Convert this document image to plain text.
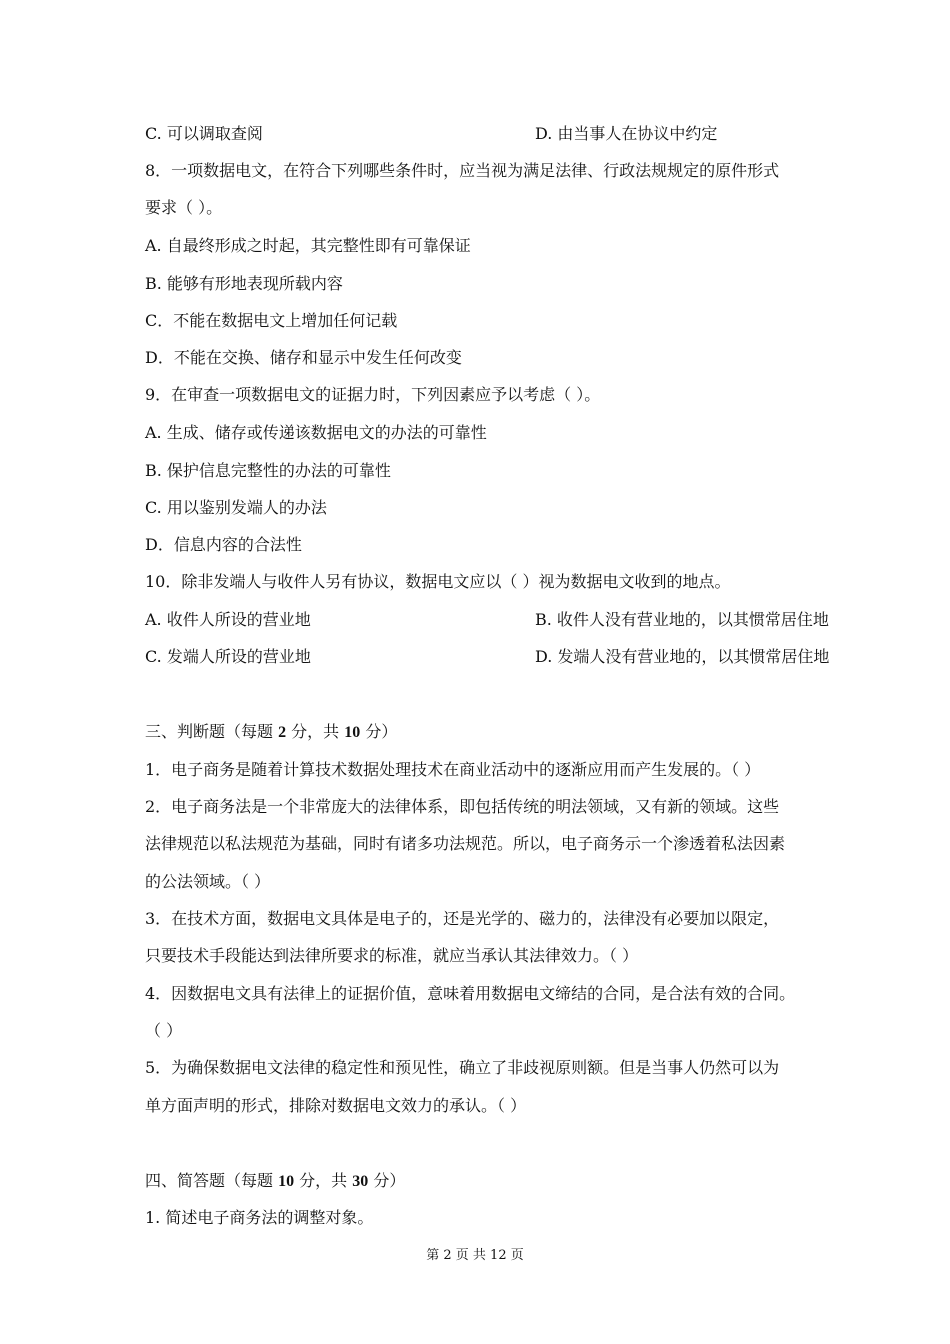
C. 可以调取查阅	D. 由当事人在协议中约定
8．一项数据电文，在符合下列哪些条件时，应当视为满足法律、行政法规规定的原件形式
要求（ ）。
A. 自最终形成之时起，其完整性即有可靠保证
B. 能够有形地表现所载内容
C．不能在数据电文上增加任何记载
D．不能在交换、储存和显示中发生任何改变
9．在审查一项数据电文的证据力时，下列因素应予以考虑（ ）。
A. 生成、储存或传递该数据电文的办法的可靠性
B. 保护信息完整性的办法的可靠性
C. 用以鉴别发端人的办法
D．信息内容的合法性
10．除非发端人与收件人另有协议，数据电文应以（ ）视为数据电文收到的地点。
A. 收件人所设的营业地	B. 收件人没有营业地的，以其惯常居住地
C. 发端人所设的营业地	D. 发端人没有营业地的，以其惯常居住地
三、判断题（每题 2 分，共 10 分）
1．电子商务是随着计算技术数据处理技术在商业活动中的逐渐应用而产生发展的。（ ）
2．电子商务法是一个非常庞大的法律体系，即包括传统的明法领域，又有新的领域。这些
法律规范以私法规范为基础，同时有诸多功法规范。所以，电子商务示一个渗透着私法因素
的公法领域。（ ）
3．在技术方面，数据电文具体是电子的，还是光学的、磁力的，法律没有必要加以限定，
只要技术手段能达到法律所要求的标准，就应当承认其法律效力。（ ）
4．因数据电文具有法律上的证据价值，意味着用数据电文缔结的合同，是合法有效的合同。
（ ）
5．为确保数据电文法律的稳定性和预见性，确立了非歧视原则额。但是当事人仍然可以为
单方面声明的形式，排除对数据电文效力的承认。（ ）
四、简答题（每题 10 分，共 30 分）
1. 简述电子商务法的调整对象。
第 2 页 共 12 页
